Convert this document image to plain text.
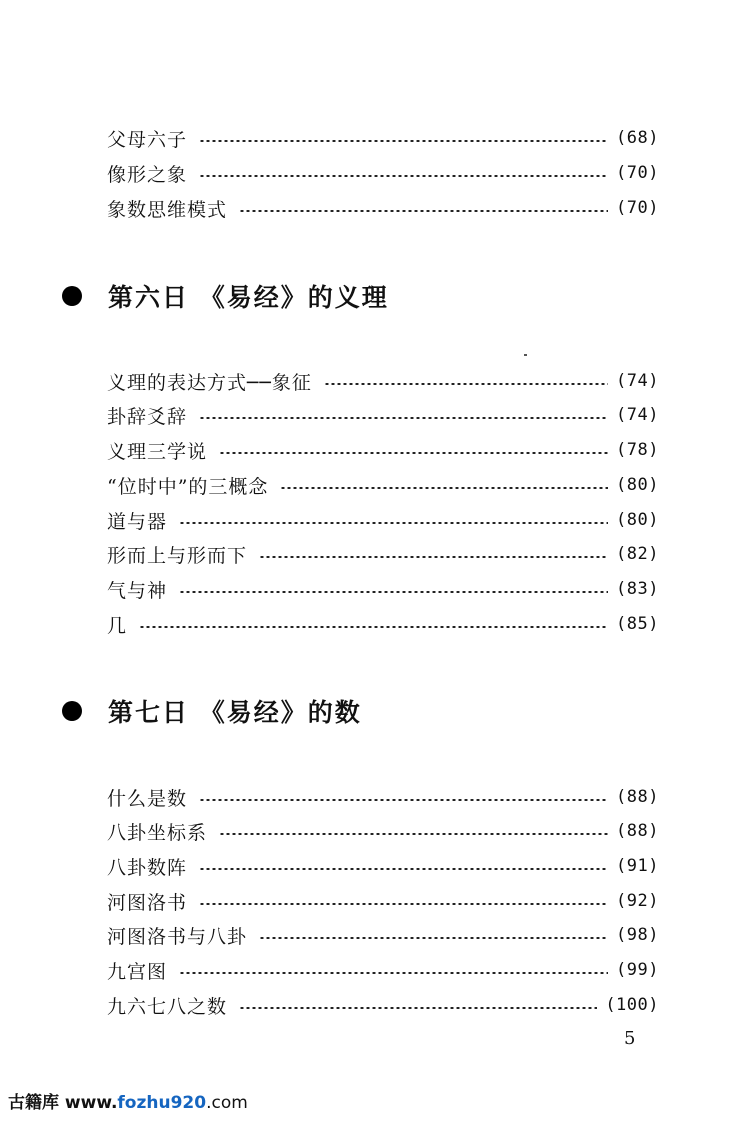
父母六子	(68)
像形之象	(70)
象数思维模式	(70)
第六日 《易经》的义理
义理的表达方式──象征	(74)
卦辞爻辞	(74)
义理三学说	(78)
“位时中”的三概念	(80)
道与器	(80)
形而上与形而下	(82)
气与神	(83)
几	(85)
第七日 《易经》的数
什么是数	(88)
八卦坐标系	(88)
八卦数阵	(91)
河图洛书	(92)
河图洛书与八卦	(98)
九宫图	(99)
九六七八之数	(100)
5
古籍库 www.fozhu920.com
